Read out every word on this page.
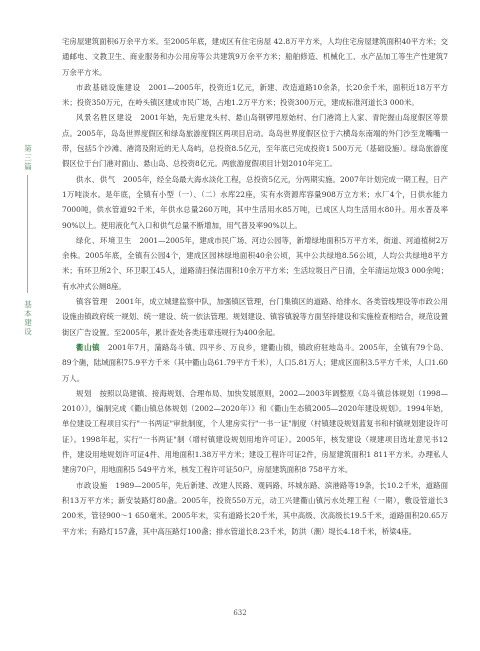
第三篇
基本建设

宅房屋建筑面积6万余平方米。至2005年底，建成区有住宅房屋 42.8万平方米，人均住宅房屋建筑面积40平方米；交通邮电、文教卫生、商业服务和办公用房等公共建筑9万余平方米；船舶修造、机械化工、水产品加工等生产性建筑7万余平方米。

市政基础设施建设　 2001—2005年，投资近1亿元，新建、改造道路10余条，长20余千米，面积近18万平方米；投资350万元，在岭头镇区建成市民广场，占地1.2万平方米；投资300万元，建成标准河道长3 000米。

风景名胜区建设　 2001年始，先后建龙头村、悬山岛钢锣甩原始村、台门港湾上人家、青陀握山岛度假区等景点。2005年，岛岛世界度假区和绿岛旅游度假区两项目启动。岛岛世界度假区位于六横岛东南端的外门沙至龙嘴嘴一带，包括5个沙滩、港湾及附近的无人岛屿，总投资8.5亿元，至年底已完成投资1 500万元（基础设施）。绿岛旅游度假区位于台门港对面山、悬山岛、总投资8亿元。两旅游度假项目计划2010年完工。

供水、供气　 2005年，经全岛最大海水淡化工程，总投资5亿元，分两期实施。2007年计划完成一期工程，日产1万吨淡水。是年底，全镇有小型（一）、（二）水库22座，实有水资源库容量908万立方米；水厂4个，日供水能力7000吨，供水管道92千米，年供水总量260万吨，其中生活用水85万吨，已成区人均生活用水80升。用水普及率90%以上。使用液化气入口和供气总量不断增加，用气普及率90%以上。

绿化、环境卫生　 2001—2005年，建成市民广场、河边公园等，新增绿地面积5万平方米，街道、河道植树2万余株。2005年底，全镇有公园4个，建成区园林绿地面积40余公顷，其中公共绿地8.56公顷，人均公共绿地8平方米；有环卫所2个、环卫职工45人，道路清扫保洁面积10余万平方米；生活垃圾日产日清，全年清运垃圾3 000余吨；有水冲式公厕8座。

镇容管理　 2001年，成立城建监察中队，加强镇区管理，台门集镇区的道路、给排水、各类管线埋设等市政公用设施由镇政府统一规划、统一建设、统一依法管理。规划建设、镇容镇貌等方面坚持建设和实施检查相结合，规范设置街区广告设置。至2005年，累计查处各类违章违规行为400余起。

衢山镇　 2001年7月，蒲路岛斗镇、四平乡、万良乡，建衢山镇，镇政府驻地岛斗。2005年，全镇有79个岛、89个礁，陆域面积75.9平方千米（其中衢山岛61.79平方千米），人口5.81万人；建成区面积3.5平方千米，人口1.60万人。

规划　 按照以岛建镇、接海规划、合理布局、加快发展原则，2002—2003年调整原《岛斗镇总体规划（1998—2010）》，编制完成《衢山镇总体规划（2002—2020年）》和《衢山生态镇2005—2020年建设规划》。1994年始，单位建设工程项目实行"一书两证"审批制度，个人建房实行"一书一证"制度（村镇建设规划蓝复书和村镇规划建设许可证）。1998年起，实行"一书两证"制（增村镇建设规划用地许可证）。2005年，核发建设（规建项目选址意见书12件，建设用地规划许可证4件、用地面积1.38万平方米；建设工程许可证2件，房屋建筑面积1 811平方米。办理私人建房70户，用地面积5 549平方米，核发工程许可证50户，房屋建筑面积8 758平方米。

市政设施　 1989—2005年，先后新建、改建人民路、观码路、环城东路、滨港路等19条，长10.2千米，道路面积13万平方米；新安装路灯80盏。2005年，投资550万元，动工兴建衢山镇污水处理工程（一期），敷设管道长3 200米，管径900～1 650毫米。2005年末，实有道路长20千米，其中高级、次高级长19.5千米，道路面积20.65万平方米；有路灯157盏，其中高压路灯100盏；排水管道长8.23千米，防洪（潮）堤长4.18千米，桥梁4座。

632
